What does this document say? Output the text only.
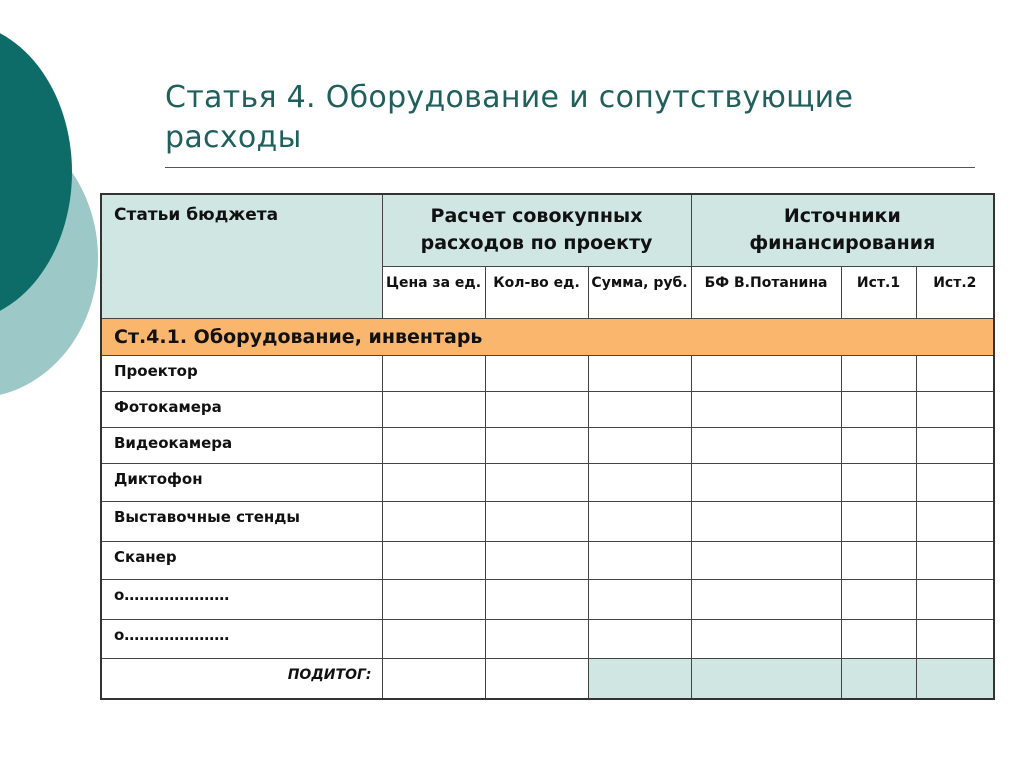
Статья 4. Оборудование и сопутствующие расходы
Статьи бюджета	Расчет совокупных расходов по проекту			Источники финансирования		
	Цена за ед.	Кол-во ед.	Сумма, руб.	БФ В.Потанина	Ист.1	Ист.2
Ст.4.1. Оборудование, инвентарь						
Проектор						
Фотокамера						
Видеокамера						
Диктофон						
Выставочные стенды						
Сканер						
o…………………						
o…………………						
ПОДИТОГ:						
